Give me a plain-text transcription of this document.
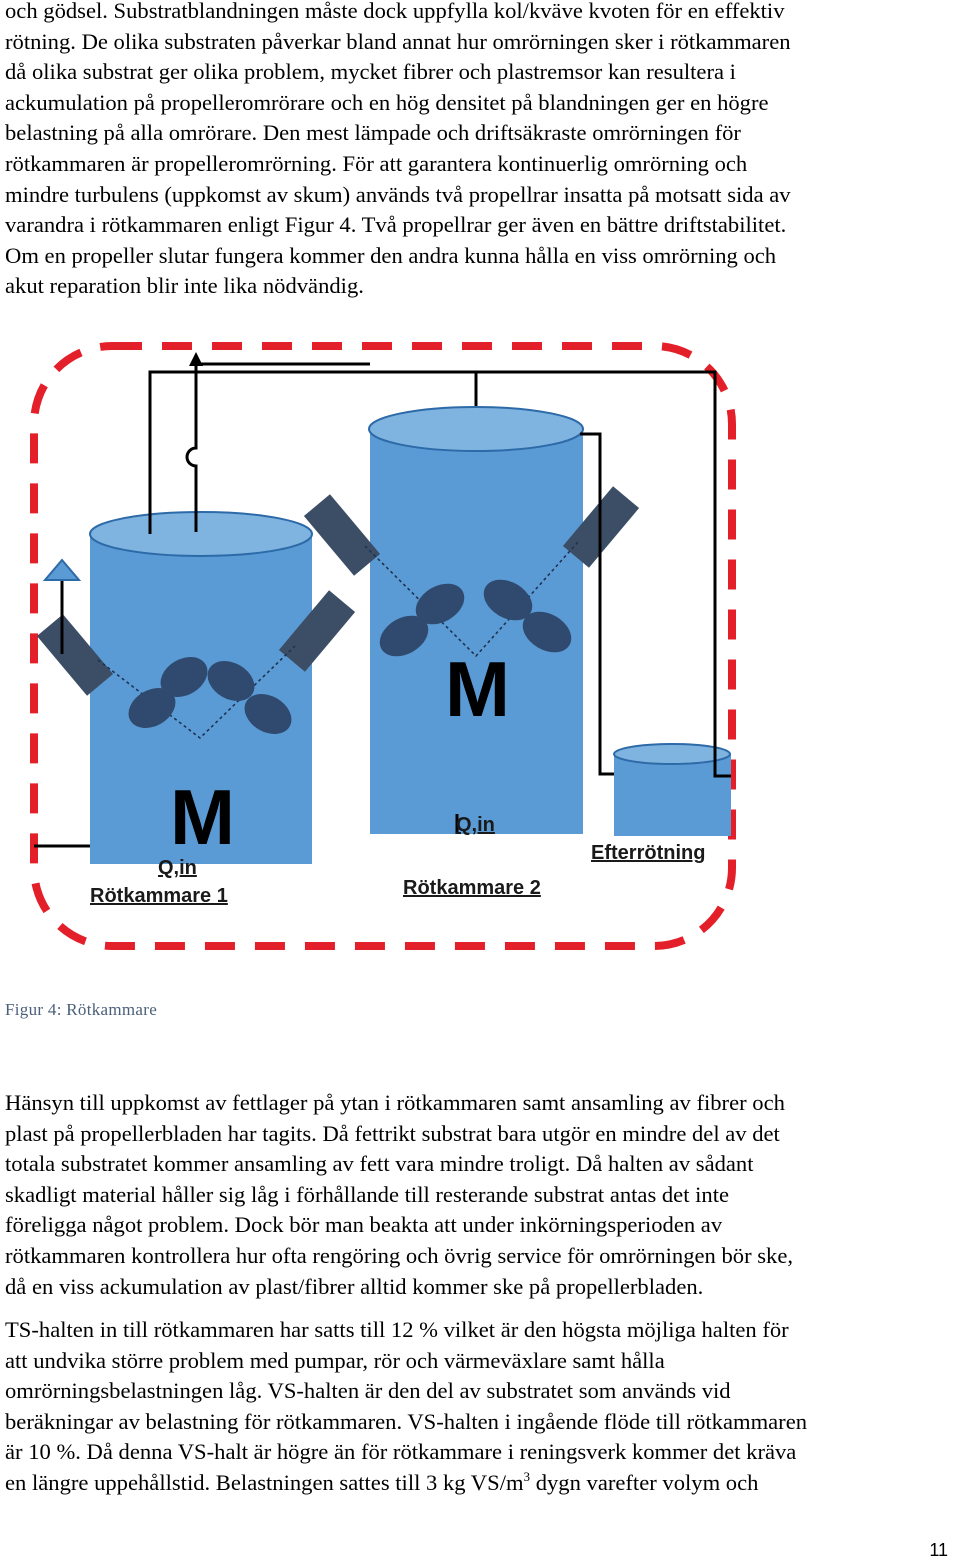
och gödsel. Substratblandningen måste dock uppfylla kol/kväve kvoten för en effektiv
rötning. De olika substraten påverkar bland annat hur omrörningen sker i rötkammaren
då olika substrat ger olika problem, mycket fibrer och plastremsor kan resultera i
ackumulation på propelleromrörare och en hög densitet på blandningen ger en högre
belastning på alla omrörare. Den mest lämpade och driftsäkraste omrörningen för
rötkammaren är propelleromrörning. För att garantera kontinuerlig omrörning och
mindre turbulens (uppkomst av skum) används två propellrar insatta på motsatt sida av
varandra i rötkammaren enligt Figur 4. Två propellrar ger även en bättre driftstabilitet.
Om en propeller slutar fungera kommer den andra kunna hålla en viss omrörning och
akut reparation blir inte lika nödvändig.

M
M
Q,in
Rötkammare 1
Q,in
Rötkammare 2
Efterrötning
Figur 4: Rötkammare

Hänsyn till uppkomst av fettlager på ytan i rötkammaren samt ansamling av fibrer och
plast på propellerbladen har tagits. Då fettrikt substrat bara utgör en mindre del av det
totala substratet kommer ansamling av fett vara mindre troligt. Då halten av sådant
skadligt material håller sig låg i förhållande till resterande substrat antas det inte
föreligga något problem. Dock bör man beakta att under inkörningsperioden av
rötkammaren kontrollera hur ofta rengöring och övrig service för omrörningen bör ske,
då en viss ackumulation av plast/fibrer alltid kommer ske på propellerbladen.

TS-halten in till rötkammaren har satts till 12 % vilket är den högsta möjliga halten för
att undvika större problem med pumpar, rör och värmeväxlare samt hålla
omrörningsbelastningen låg. VS-halten är den del av substratet som används vid
beräkningar av belastning för rötkammaren. VS-halten i ingående flöde till rötkammaren
är 10 %. Då denna VS-halt är högre än för rötkammare i reningsverk kommer det kräva
en längre uppehållstid. Belastningen sattes till 3 kg $VS/m^3$ dygn varefter volym och

11
